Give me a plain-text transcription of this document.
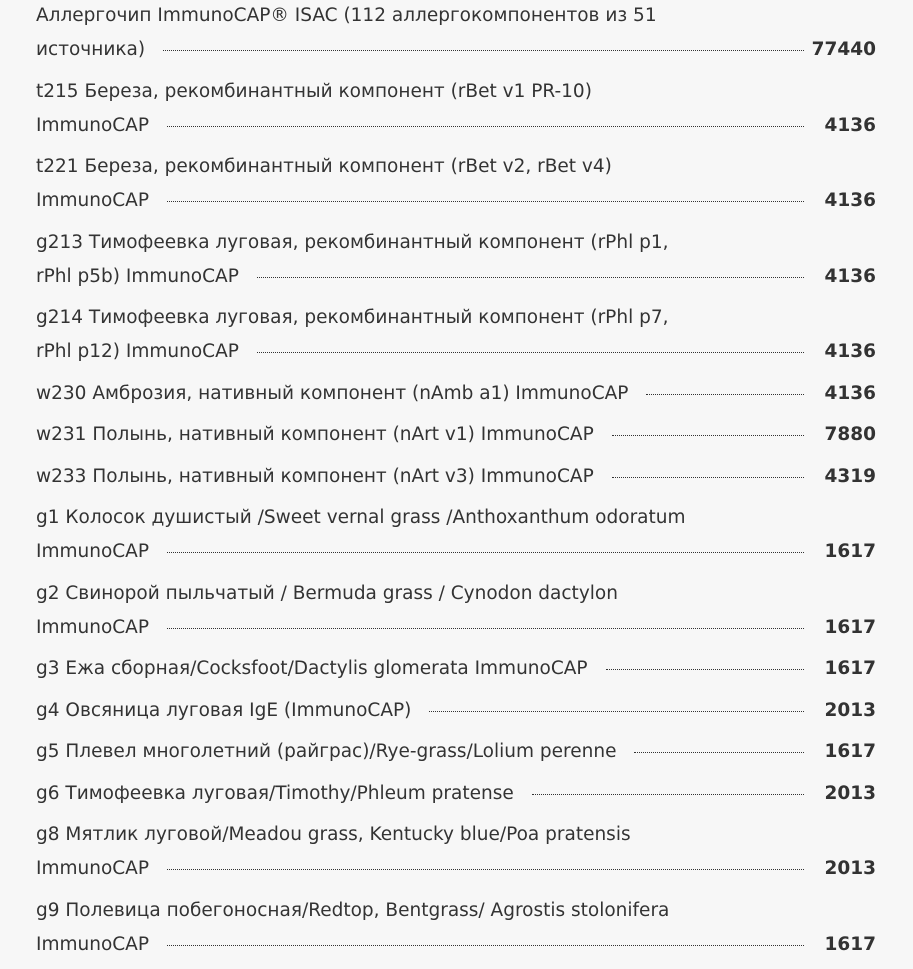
Аллергочип ImmunoCAP® ISAC (112 аллергокомпонентов из 51 источника)	77440
t215 Береза, рекомбинантный компонент (rBet v1 PR-10) ImmunoCAP	4136
t221 Береза, рекомбинантный компонент (rBet v2, rBet v4) ImmunoCAP	4136
g213 Тимофеевка луговая, рекомбинантный компонент (rPhl p1, rPhl p5b) ImmunoCAP	4136
g214 Тимофеевка луговая, рекомбинантный компонент (rPhl p7, rPhl p12) ImmunoCAP	4136
w230 Амброзия, нативный компонент (nAmb a1) ImmunoCAP	4136
w231 Полынь, нативный компонент (nArt v1) ImmunoCAP	7880
w233 Полынь, нативный компонент (nArt v3) ImmunoCAP	4319
g1 Колосок душистый /Sweet vernal grass /Anthoxanthum odoratum ImmunoCAP	1617
g2 Свинорой пыльчатый / Bermuda grass / Cynodon dactylon ImmunoCAP	1617
g3 Ежа сборная/Cocksfoot/Dactylis glomerata ImmunoCAP	1617
g4 Овсяница луговая IgE (ImmunoCAP)	2013
g5 Плевел многолетний (райграс)/Rye-grass/Lolium perenne	1617
g6 Тимофеевка луговая/Timothy/Phleum pratense	2013
g8 Мятлик луговой/Meadou grass, Kentucky blue/Poa pratensis ImmunoCAP	2013
g9 Полевица побегоносная/Redtop, Bentgrass/ Agrostis stolonifera ImmunoCAP	1617
